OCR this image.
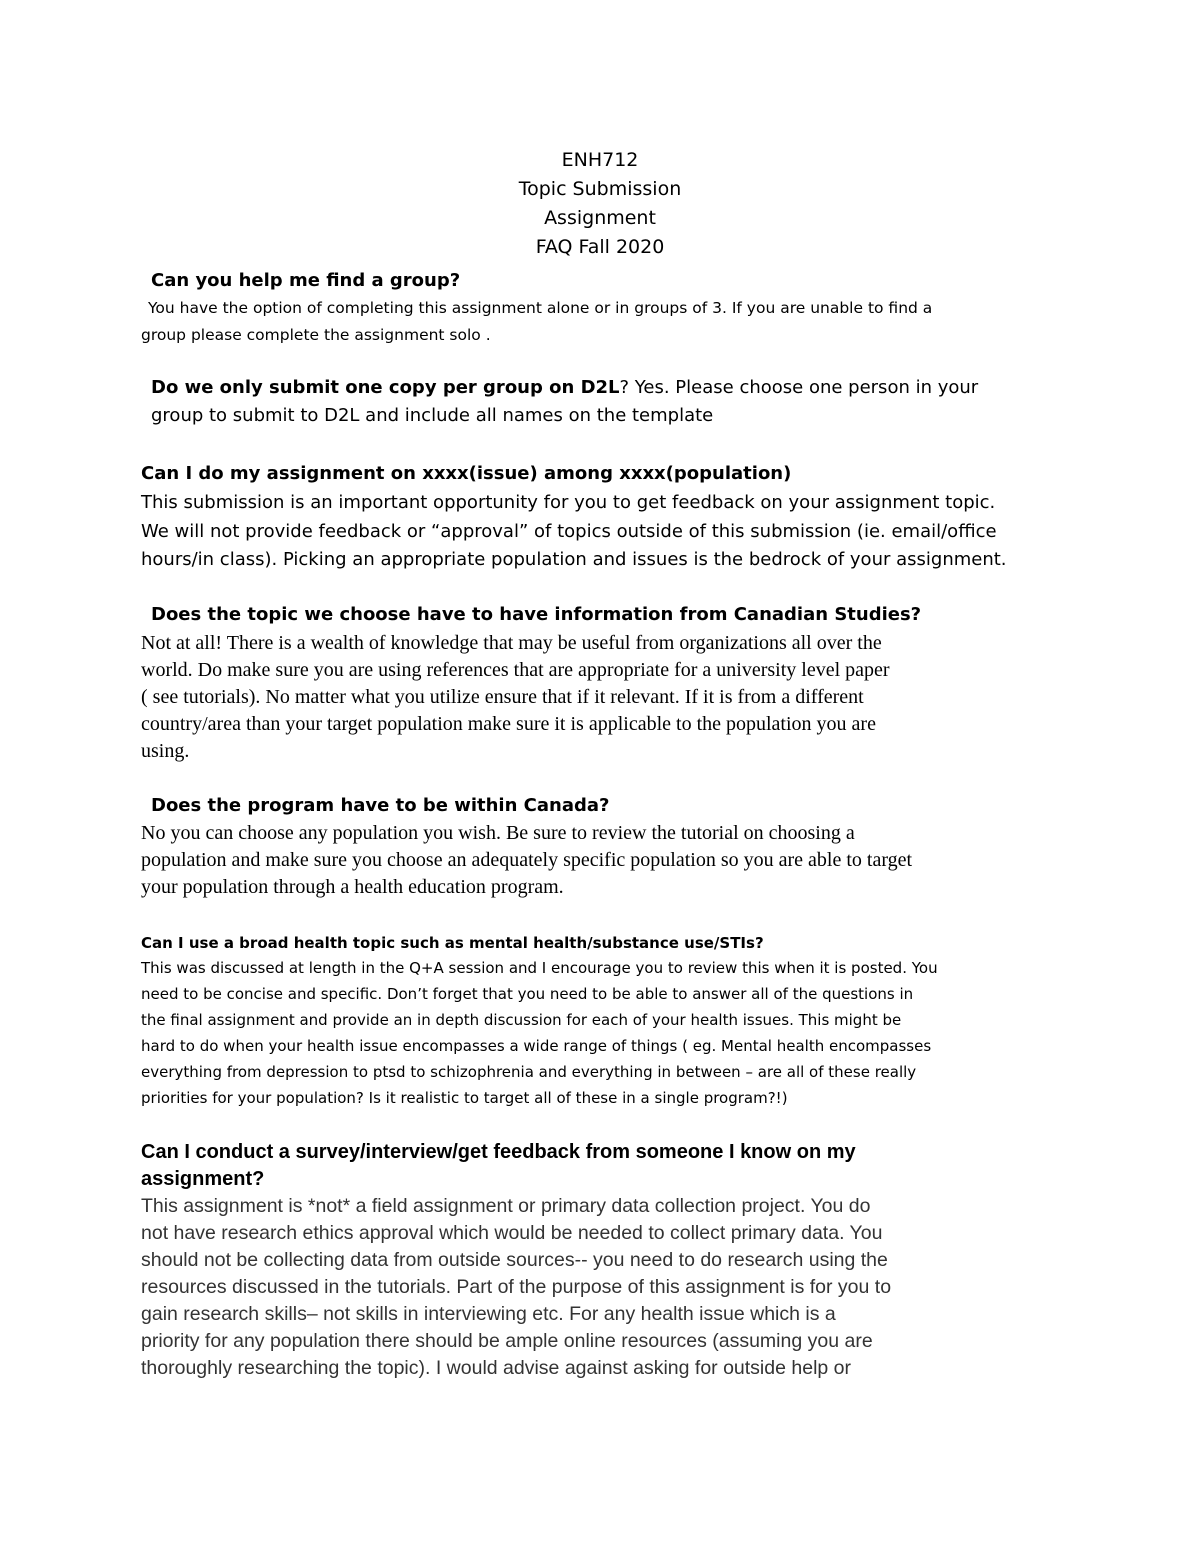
ENH712
Topic Submission
Assignment
FAQ Fall 2020
Can you help me find a group?
You have the option of completing this assignment alone or in groups of 3. If you are unable to find a
group please complete the assignment solo .
Do we only submit one copy per group on D2L? Yes. Please choose one person in your
group to submit to D2L and include all names on the template
Can I do my assignment on xxxx(issue) among xxxx(population)
This submission is an important opportunity for you to get feedback on your assignment topic.
We will not provide feedback or “approval” of topics outside of this submission (ie. email/office
hours/in class). Picking an appropriate population and issues is the bedrock of your assignment.
Does the topic we choose have to have information from Canadian Studies?
Not at all! There is a wealth of knowledge that may be useful from organizations all over the
world. Do make sure you are using references that are appropriate for a university level paper
( see tutorials). No matter what you utilize ensure that if it relevant. If it is from a different
country/area than your target population make sure it is applicable to the population you are
using.
Does the program have to be within Canada?
No you can choose any population you wish. Be sure to review the tutorial on choosing a
population and make sure you choose an adequately specific population so you are able to target
your population through a health education program.
Can I use a broad health topic such as mental health/substance use/STIs?
This was discussed at length in the Q+A session and I encourage you to review this when it is posted. You
need to be concise and specific. Don’t forget that you need to be able to answer all of the questions in
the final assignment and provide an in depth discussion for each of your health issues. This might be
hard to do when your health issue encompasses a wide range of things ( eg. Mental health encompasses
everything from depression to ptsd to schizophrenia and everything in between – are all of these really
priorities for your population? Is it realistic to target all of these in a single program?!)
Can I conduct a survey/interview/get feedback from someone I know on my
assignment?
This assignment is *not* a field assignment or primary data collection project. You do
not have research ethics approval which would be needed to collect primary data. You
should not be collecting data from outside sources-- you need to do research using the
resources discussed in the tutorials. Part of the purpose of this assignment is for you to
gain research skills– not skills in interviewing etc. For any health issue which is a
priority for any population there should be ample online resources (assuming you are
thoroughly researching the topic). I would advise against asking for outside help or
